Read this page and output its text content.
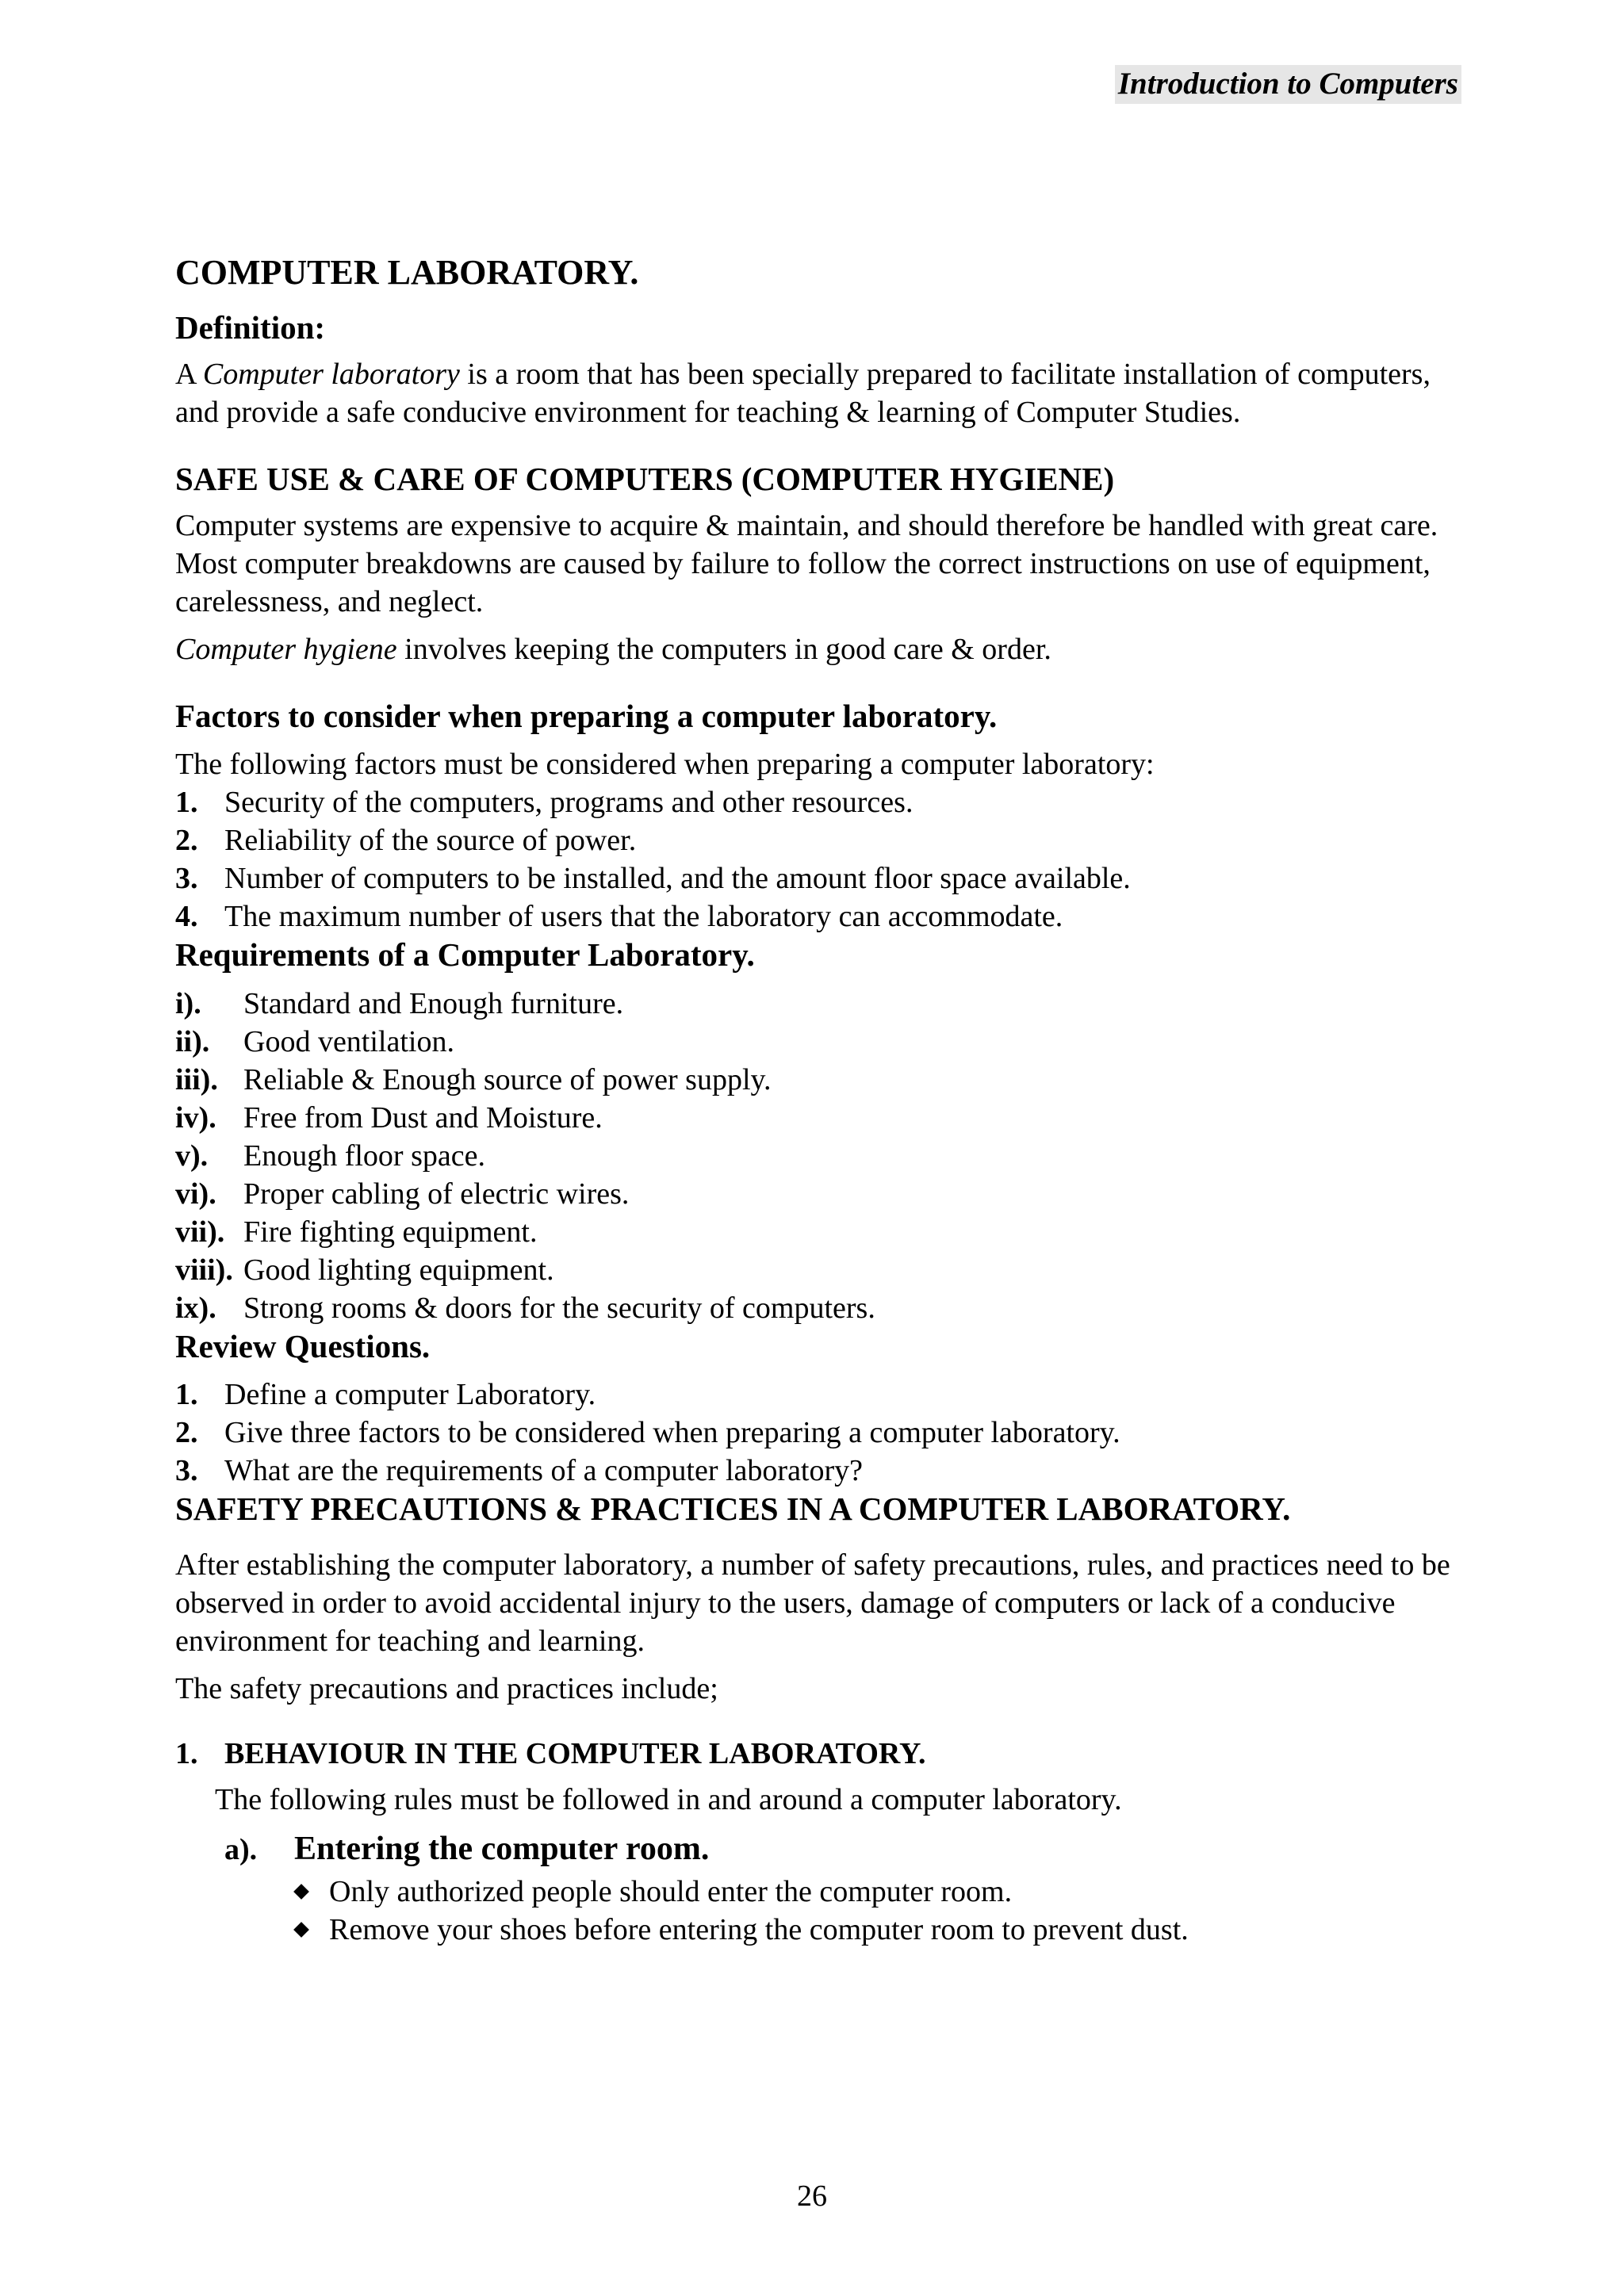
Introduction to Computers
COMPUTER LABORATORY.
Definition:

A Computer laboratory is a room that has been specially prepared to facilitate installation of computers, and provide a safe conducive environment for teaching & learning of Computer Studies.

SAFE USE & CARE OF COMPUTERS (COMPUTER HYGIENE)

Computer systems are expensive to acquire & maintain, and should therefore be handled with great care. Most computer breakdowns are caused by failure to follow the correct instructions on use of equipment, carelessness, and neglect.

Computer hygiene involves keeping the computers in good care & order.

Factors to consider when preparing a computer laboratory.

The following factors must be considered when preparing a computer laboratory:

1. Security of the computers, programs and other resources.
2. Reliability of the source of power.
3. Number of computers to be installed, and the amount floor space available.
4. The maximum number of users that the laboratory can accommodate.
Requirements of a Computer Laboratory.
i).	Standard and Enough furniture.
ii).	Good ventilation.
iii). Reliable & Enough source of power supply.
iv). Free from Dust and Moisture.
v).	Enough floor space.
vi). Proper cabling of electric wires.
vii). Fire fighting equipment.
viii). Good lighting equipment.
ix). Strong rooms & doors for the security of computers.
Review Questions.
1. Define a computer Laboratory.
2. Give three factors to be considered when preparing a computer laboratory.
3. What are the requirements of a computer laboratory?
SAFETY PRECAUTIONS & PRACTICES IN A COMPUTER LABORATORY.

After establishing the computer laboratory, a number of safety precautions, rules, and practices need to be observed in order to avoid accidental injury to the users, damage of computers or lack of a conducive environment for teaching and learning.

The safety precautions and practices include;

1. BEHAVIOUR IN THE COMPUTER LABORATORY.

The following rules must be followed in and around a computer laboratory.

a).	Entering the computer room.
Only authorized people should enter the computer room.
Remove your shoes before entering the computer room to prevent dust.
26
